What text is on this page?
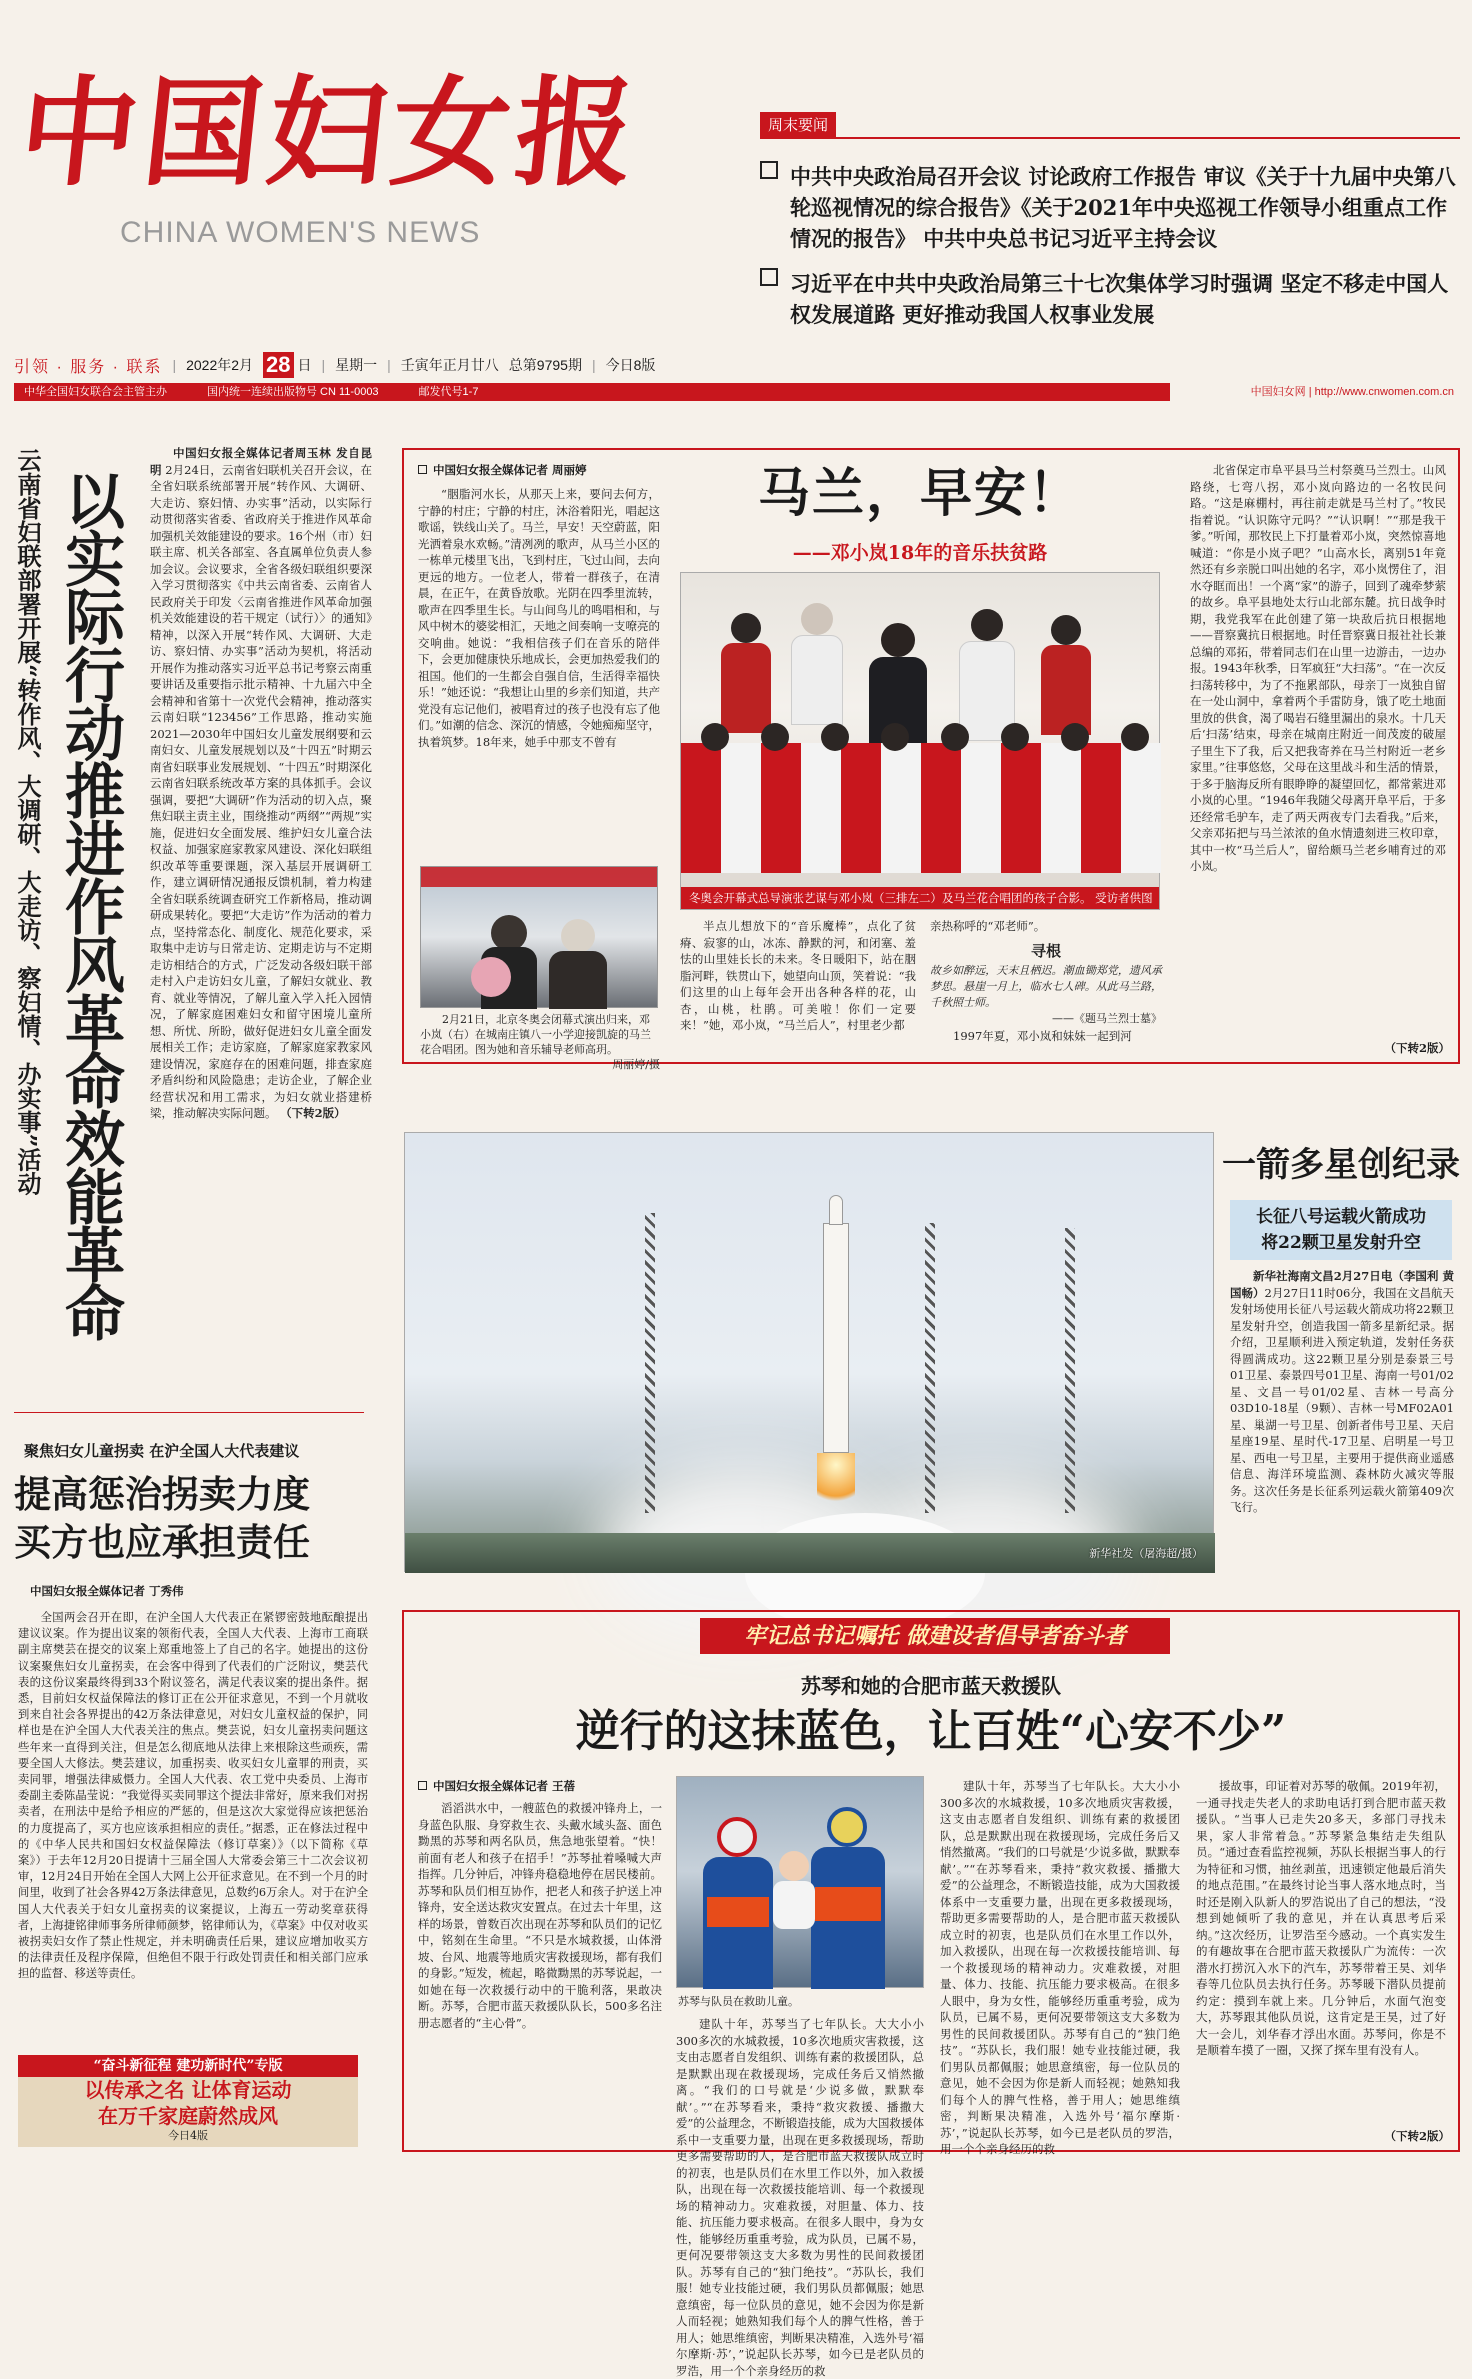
中国妇女报
CHINA WOMEN'S NEWS
引领 · 服务 · 联系 | 2022年2月 28 日 | 星期一 | 壬寅年正月廿八 总第9795期 | 今日8版
中华全国妇女联合会主管主办	国内统一连续出版物号 CN 11-0003	邮发代号1-7	中国妇女网 | http://www.cnwomen.com.cn
周末要闻
中共中央政治局召开会议 讨论政府工作报告 审议《关于十九届中央第八轮巡视情况的综合报告》《关于2021年中央巡视工作领导小组重点工作情况的报告》 中共中央总书记习近平主持会议
习近平在中共中央政治局第三十七次集体学习时强调 坚定不移走中国人权发展道路 更好推动我国人权事业发展
云南省妇联部署开展“转作风、大调研、大走访、察妇情、办实事”活动 以实际行动推进作风革命效能革命

中国妇女报全媒体记者周玉林 发自昆明 2月24日，云南省妇联机关召开会议，在全省妇联系统部署开展“转作风、大调研、大走访、察妇情、办实事”活动，以实际行动贯彻落实省委、省政府关于推进作风革命加强机关效能建设的要求。16个州（市）妇联主席、机关各部室、各直属单位负责人参加会议。会议要求，全省各级妇联组织要深入学习贯彻落实《中共云南省委、云南省人民政府关于印发〈云南省推进作风革命加强机关效能建设的若干规定（试行）〉的通知》精神，以深入开展“转作风、大调研、大走访、察妇情、办实事”活动为契机，将活动开展作为推动落实习近平总书记考察云南重要讲话及重要指示批示精神、十九届六中全会精神和省第十一次党代会精神，推动落实云南妇联“123456”工作思路，推动实施2021—2030年中国妇女儿童发展纲要和云南妇女、儿童发展规划以及“十四五”时期云南省妇联事业发展规划、“十四五”时期深化云南省妇联系统改革方案的具体抓手。会议强调，要把“大调研”作为活动的切入点，聚焦妇联主责主业，围绕推动“两纲”“两规”实施，促进妇女全面发展、维护妇女儿童合法权益、加强家庭家教家风建设、深化妇联组织改革等重要课题，深入基层开展调研工作，建立调研情况通报反馈机制，着力构建全省妇联系统调查研究工作新格局，推动调研成果转化。要把“大走访”作为活动的着力点，坚持常态化、制度化、规范化要求，采取集中走访与日常走访、定期走访与不定期走访相结合的方式，广泛发动各级妇联干部走村入户走访妇女儿童，了解妇女就业、教育、就业等情况，了解儿童入学入托入园情况，了解家庭困难妇女和留守困境儿童所想、所忧、所盼，做好促进妇女儿童全面发展相关工作；走访家庭，了解家庭家教家风建设情况，家庭存在的困难问题，排查家庭矛盾纠纷和风险隐患；走访企业，了解企业经营状况和用工需求，为妇女就业搭建桥梁，推动解决实际问题。 （下转2版）

聚焦妇女儿童拐卖 在沪全国人大代表建议
提高惩治拐卖力度
买方也应承担责任
中国妇女报全媒体记者 丁秀伟

全国两会召开在即，在沪全国人大代表正在紧锣密鼓地酝酿提出建议议案。作为提出议案的领衔代表，全国人大代表、上海市工商联副主席樊芸在提交的议案上郑重地签上了自己的名字。她提出的这份议案聚焦妇女儿童拐卖，在会客中得到了代表们的广泛附议，樊芸代表的这份议案最终得到33个附议签名，满足代表议案的提出条件。据悉，目前妇女权益保障法的修订正在公开征求意见，不到一个月就收到来自社会各界提出的42万条法律意见，对妇女儿童权益的保护，同样也是在沪全国人大代表关注的焦点。樊芸说，妇女儿童拐卖问题这些年来一直得到关注，但是怎么彻底地从法律上来根除这些顽疾，需要全国人大修法。樊芸建议，加重拐卖、收买妇女儿童罪的刑责，买卖同罪，增强法律威慑力。全国人大代表、农工党中央委员、上海市委副主委陈晶莹说：“我觉得买卖同罪这个提法非常好，原来我们对拐卖者，在刑法中是给予相应的严惩的，但是这次大家觉得应该把惩治的力度提高了，买方也应该承担相应的责任。”据悉，正在修法过程中的《中华人民共和国妇女权益保障法（修订草案）》（以下简称《草案》）于去年12月20日提请十三届全国人大常委会第三十二次会议初审，12月24日开始在全国人大网上公开征求意见。在不到一个月的时间里，收到了社会各界42万条法律意见，总数约6万余人。对于在沪全国人大代表关于妇女儿童拐卖的议案提议，上海五一劳动奖章获得者，上海捷铭律师事务所律师颜梦，铭律师认为，《草案》中仅对收买被拐卖妇女作了禁止性规定，并未明确责任后果，建议应增加收买方的法律责任及程序保障，但绝但不限于行政处罚责任和相关部门应承担的监督、移送等责任。

“奋斗新征程 建功新时代”专版
以传承之名 让体育运动
在万千家庭蔚然成风
今日4版
中国妇女报全媒体记者 周丽婷

“胭脂河水长，从那天上来，要问去何方，宁静的村庄；宁静的村庄，沐浴着阳光，唱起这歌谣，铁线山关了。马兰，早安！天空蔚蓝，阳光洒着泉水欢畅。”清冽冽的歌声，从马兰小区的一栋单元楼里飞出，飞到村庄，飞过山间，去向更远的地方。一位老人，带着一群孩子，在清晨，在正午，在黄昏放歌。光阴在四季里流转，歌声在四季里生长。与山间鸟儿的鸣唱相和，与风中树木的婆娑相汇，天地之间奏响一支嘹亮的交响曲。她说：“我相信孩子们在音乐的陪伴下，会更加健康快乐地成长，会更加热爱我们的祖国。他们的一生都会自强自信，生活得幸福快乐！”她还说：“我想让山里的乡亲们知道，共产党没有忘记他们，被唱育过的孩子也没有忘了他们。”如潮的信念、深沉的情感，令她痴痴坚守，执着筑梦。18年来，她手中那支不曾有

2月21日，北京冬奥会闭幕式演出归来，邓小岚（右）在城南庄镇八一小学迎接凯旋的马兰花合唱团。图为她和音乐辅导老师高玥。
周丽婷/摄
马兰，早安！
——邓小岚18年的音乐扶贫路
冬奥会开幕式总导演张艺谋与邓小岚（三排左二）及马兰花合唱团的孩子合影。 受访者供图

半点儿想放下的“音乐魔棒”，点化了贫瘠、寂寥的山，冰冻、静默的河，和闭塞、羞怯的山里娃长长的未来。冬日暖阳下，站在胭脂河畔，铁贯山下，她望向山顶，笑着说：“我们这里的山上每年会开出各种各样的花，山杏，山桃，杜鹃。可美啦！你们一定要来！”她，邓小岚，“马兰后人”，村里老少都

亲热称呼的“邓老师”。
寻根
故乡如醉远，天末且栖迟。潮血锄郑党，遗风承梦思。悬崖一月上，临水七人碑。从此马兰路，千秋照士师。
——《题马兰烈士墓》

1997年夏，邓小岚和妹妹一起到河

北省保定市阜平县马兰村祭奠马兰烈士。山风路绕，七弯八拐，邓小岚向路边的一名牧民问路。“这是麻棚村，再往前走就是马兰村了。”牧民指着说。“认识陈守元吗？”“认识啊！”“那是我干爹。”听闻，那牧民上下打量着邓小岚，突然惊喜地喊道：“你是小岚子吧？”山高水长，离别51年竟然还有乡亲脱口叫出她的名字，邓小岚愣住了，泪水夺眶而出！一个离“家”的游子，回到了魂牵梦萦的故乡。阜平县地处太行山北部东麓。抗日战争时期，我党我军在此创建了第一块敌后抗日根据地——晋察冀抗日根据地。时任晋察冀日报社社长兼总编的邓拓，带着同志们在山里一边游击，一边办报。1943年秋季，日军疯狂“大扫荡”。“在一次反扫荡转移中，为了不拖累部队，母亲丁一岚独自留在一处山洞中，拿着两个手雷防身，饿了吃土地面里放的供食，渴了喝岩石缝里漏出的泉水。十几天后‘扫荡’结束，母亲在城南庄附近一间茂废的破屋子里生下了我，后又把我寄养在马兰村附近一老乡家里。”往事悠悠，父母在这里战斗和生活的情景，于多于脑海反所有眼睁睁的凝望回忆，都常萦进邓小岚的心里。“1946年我随父母离开阜平后，于多还经常毛驴车，走了两天两夜专门去看我。”后来，父亲邓拓把与马兰浓浓的鱼水情遗刻进三枚印章，其中一枚“马兰后人”，留给颇马兰老乡哺育过的邓小岚。

（下转2版）
新华社发（屠海超/摄）
一箭多星创纪录
长征八号运载火箭成功
将22颗卫星发射升空

新华社海南文昌2月27日电（李国利 黄国畅）2月27日11时06分，我国在文昌航天发射场使用长征八号运载火箭成功将22颗卫星发射升空，创造我国一箭多星新纪录。据介绍，卫星顺利进入预定轨道，发射任务获得圆满成功。这22颗卫星分别是泰景三号01卫星、泰景四号01卫星、海南一号01/02星、文昌一号01/02星、吉林一号高分03D10-18星（9颗）、吉林一号MF02A01星、巢湖一号卫星、创新者伟号卫星、天启星座19星、星时代-17卫星、启明星一号卫星、西电一号卫星，主要用于提供商业遥感信息、海洋环境监测、森林防火减灾等服务。这次任务是长征系列运载火箭第409次飞行。

牢记总书记嘱托 做建设者倡导者奋斗者
苏琴和她的合肥市蓝天救援队
逆行的这抹蓝色，让百姓“心安不少”
中国妇女报全媒体记者 王蓓

滔滔洪水中，一艘蓝色的救援冲锋舟上，一身蓝色队服、身穿救生衣、头戴水域头盔、面色黝黑的苏琴和两名队员，焦急地张望着。“快！前面有老人和孩子在招手！”苏琴扯着嗓喊大声指挥。几分钟后，冲锋舟稳稳地停在居民楼前。苏琴和队员们相互协作，把老人和孩子护送上冲锋舟，安全送达救灾安置点。在过去十年里，这样的场景，曾数百次出现在苏琴和队员们的记忆中，铭刻在生命里。“不只是水城救援，山体滑坡、台风、地震等地质灾害救援现场，都有我们的身影。”短发，梳起，略微黝黑的苏琴说起，一如她在每一次救援行动中的干脆利落，果敢决断。苏琴，合肥市蓝天救援队队长，500多名注册志愿者的“主心骨”。

苏琴与队员在救助儿童。

建队十年，苏琴当了七年队长。大大小小300多次的水城救援，10多次地质灾害救援，这支由志愿者自发组织、训练有素的救援团队，总是默默出现在救援现场，完成任务后又悄然撤离。“我们的口号就是‘少说多做，默默奉献’。”“在苏琴看来，秉持“救灾救援、播撒大爱”的公益理念，不断锻造技能，成为大国救援体系中一支重要力量，出现在更多救援现场，帮助更多需要帮助的人，是合肥市蓝天救援队成立时的初衷，也是队员们在水里工作以外，加入救援队，出现在每一次救援技能培训、每一个救援现场的精神动力。灾难救援，对胆量、体力、技能、抗压能力要求极高。在很多人眼中，身为女性，能够经历重重考验，成为队员，已属不易，更何况要带领这支大多数为男性的民间救援团队。苏琴有自己的“独门绝技”。“苏队长，我们服！她专业技能过硬，我们男队员都佩服；她思意缜密，每一位队员的意见，她不会因为你是新人而轻视；她熟知我们每个人的脾气性格，善于用人；她思维缜密，判断果决精准，入选外号‘福尔摩斯·苏’，”说起队长苏琴，如今已是老队员的罗浩，用一个个亲身经历的救

建队十年，苏琴当了七年队长。大大小小300多次的水城救援，10多次地质灾害救援，这支由志愿者自发组织、训练有素的救援团队，总是默默出现在救援现场，完成任务后又悄然撤离。“我们的口号就是‘少说多做，默默奉献’。”“在苏琴看来，秉持“救灾救援、播撒大爱”的公益理念，不断锻造技能，成为大国救援体系中一支重要力量，出现在更多救援现场，帮助更多需要帮助的人，是合肥市蓝天救援队成立时的初衷，也是队员们在水里工作以外，加入救援队，出现在每一次救援技能培训、每一个救援现场的精神动力。灾难救援，对胆量、体力、技能、抗压能力要求极高。在很多人眼中，身为女性，能够经历重重考验，成为队员，已属不易，更何况要带领这支大多数为男性的民间救援团队。苏琴有自己的“独门绝技”。“苏队长，我们服！她专业技能过硬，我们男队员都佩服；她思意缜密，每一位队员的意见，她不会因为你是新人而轻视；她熟知我们每个人的脾气性格，善于用人；她思维缜密，判断果决精准，入选外号‘福尔摩斯·苏’，”说起队长苏琴，如今已是老队员的罗浩，用一个个亲身经历的救

援故事，印证着对苏琴的敬佩。2019年初，一通寻找走失老人的求助电话打到合肥市蓝天救援队。“当事人已走失20多天，多部门寻找未果，家人非常着急。”苏琴紧急集结走失组队员。“通过查看监控视频，苏队长根据当事人的行为特征和习惯，抽丝剥茧，迅速锁定他最后消失的地点范围。”在最终讨论当事人落水地点时，当时还是刚入队新人的罗浩说出了自己的想法，“没想到她倾听了我的意见，并在认真思考后采纳。”这次经历，让罗浩至今感动。一个真实发生的有趣故事在合肥市蓝天救援队广为流传：一次潜水打捞沉入水下的汽车，苏琴带着王昊、刘华春等几位队员去执行任务。苏琴暖下潜队员提前约定：摸到车就上来。几分钟后，水面气泡变大，苏琴跟其他队员说，这肯定是王昊，过了好大一会儿，刘华春才浮出水面。苏琴问，你是不是顺着车摸了一圈，又探了探车里有没有人。

（下转2版）
